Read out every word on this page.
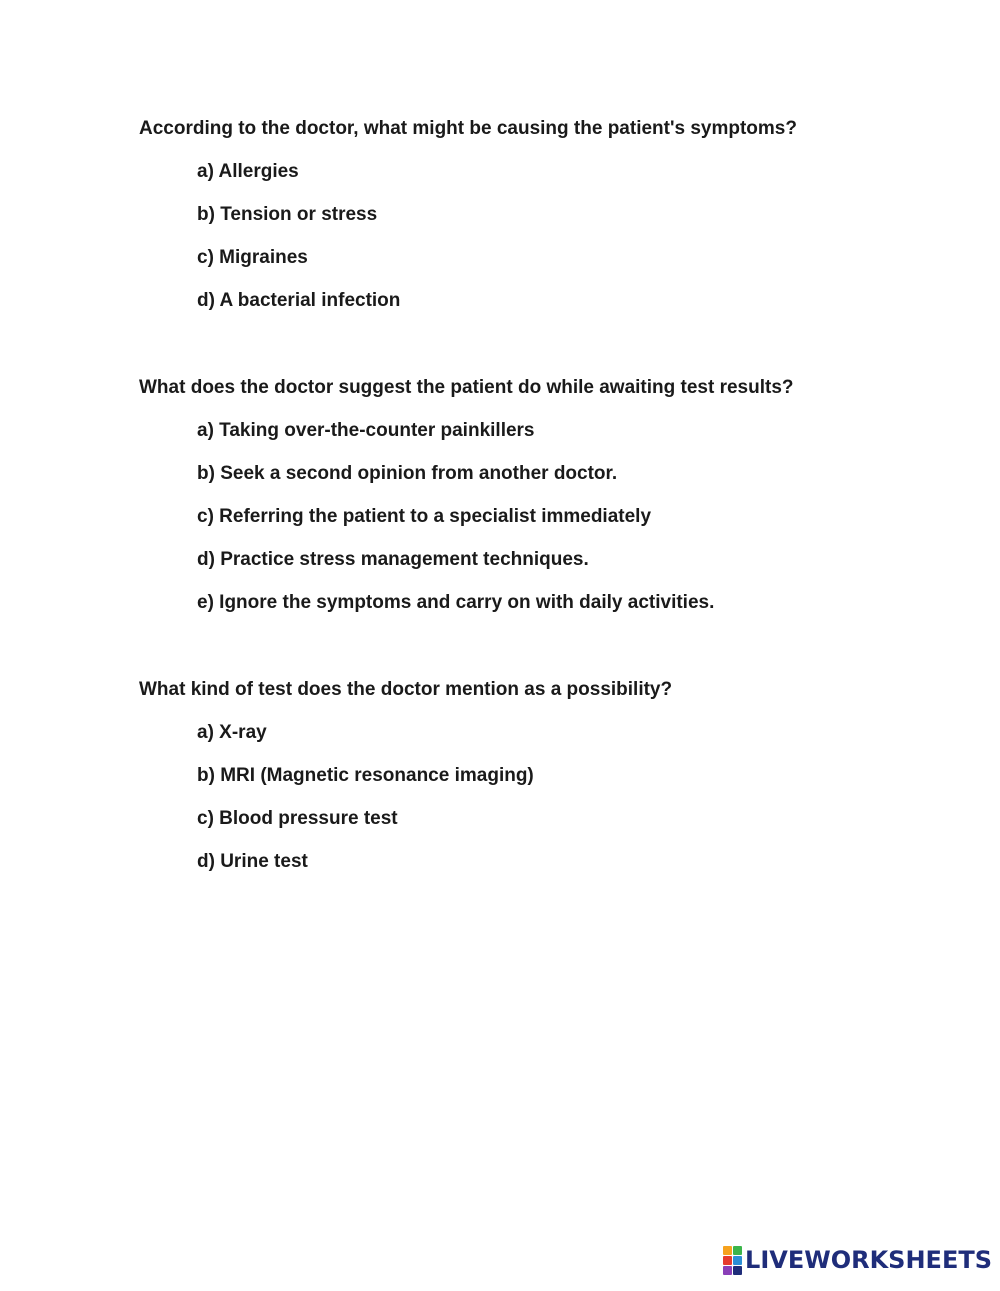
According to the doctor, what might be causing the patient's symptoms?

a) Allergies
b) Tension or stress
c) Migraines
d) A bacterial infection

What does the doctor suggest the patient do while awaiting test results?

a) Taking over-the-counter painkillers
b) Seek a second opinion from another doctor.
c) Referring the patient to a specialist immediately
d) Practice stress management techniques.
e) Ignore the symptoms and carry on with daily activities.

What kind of test does the doctor mention as a possibility?

a) X-ray
b) MRI (Magnetic resonance imaging)
c) Blood pressure test
d) Urine test
LIVEWORKSHEETS
